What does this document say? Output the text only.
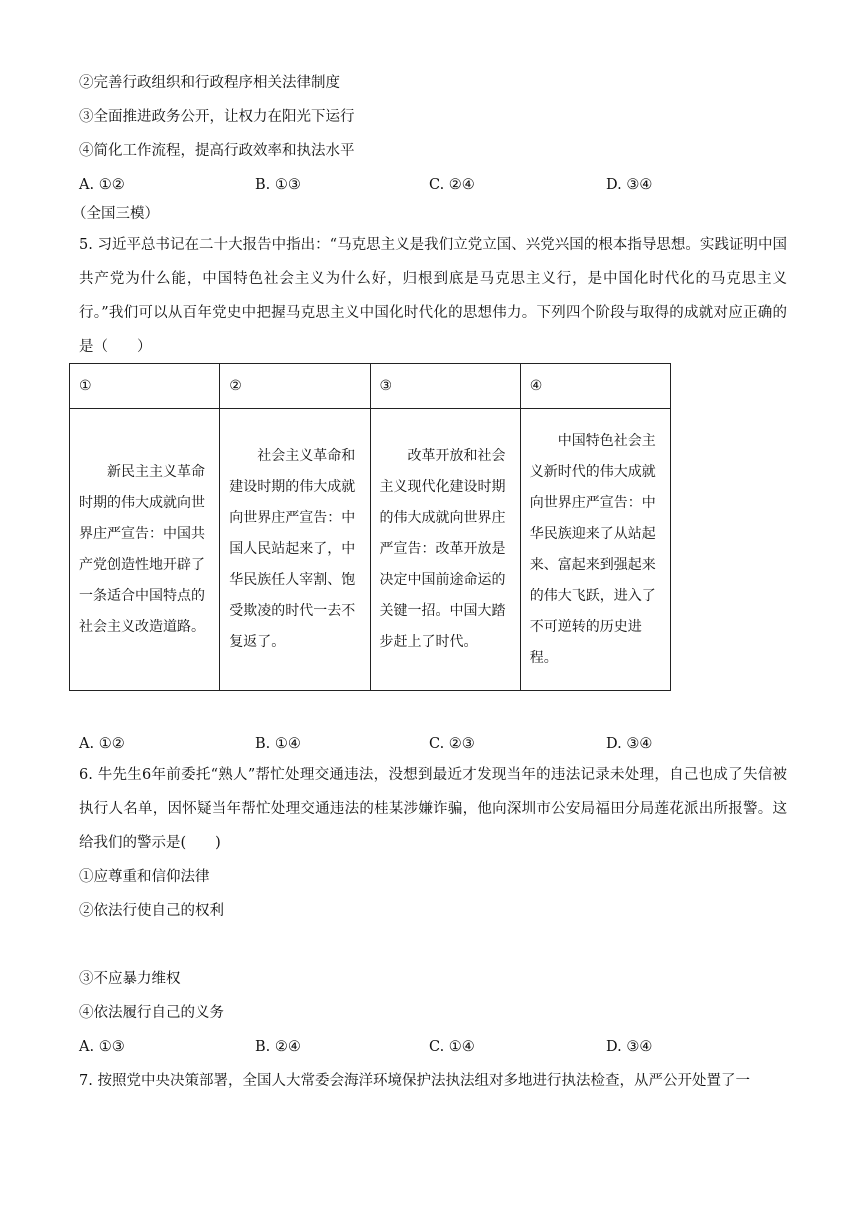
②完善行政组织和行政程序相关法律制度
③全面推进政务公开，让权力在阳光下运行
④简化工作流程，提高行政效率和执法水平
A. ①②	B. ①③	C. ②④	D. ③④
（全国三模）
5. 习近平总书记在二十大报告中指出：“马克思主义是我们立党立国、兴党兴国的根本指导思想。实践证明中国共产党为什么能，中国特色社会主义为什么好，归根到底是马克思主义行，是中国化时代化的马克思主义行。”我们可以从百年党史中把握马克思主义中国化时代化的思想伟力。下列四个阶段与取得的成就对应正确的是（　　）
①	②	③	④

新民主主义革命时期的伟大成就向世界庄严宣告：中国共产党创造性地开辟了一条适合中国特点的社会主义改造道路。	社会主义革命和建设时期的伟大成就向世界庄严宣告：中国人民站起来了，中华民族任人宰割、饱受欺凌的时代一去不复返了。	改革开放和社会主义现代化建设时期的伟大成就向世界庄严宣告：改革开放是决定中国前途命运的关键一招。中国大踏步赶上了时代。	中国特色社会主义新时代的伟大成就向世界庄严宣告：中华民族迎来了从站起来、富起来到强起来的伟大飞跃，进入了不可逆转的历史进程。
A. ①②	B. ①④	C. ②③	D. ③④
6. 牛先生6年前委托“熟人”帮忙处理交通违法，没想到最近才发现当年的违法记录未处理，自己也成了失信被执行人名单，因怀疑当年帮忙处理交通违法的桂某涉嫌诈骗，他向深圳市公安局福田分局莲花派出所报警。这给我们的警示是(　　)
①应尊重和信仰法律
②依法行使自己的权利
③不应暴力维权
④依法履行自己的义务
A. ①③	B. ②④	C. ①④	D. ③④
7. 按照党中央决策部署，全国人大常委会海洋环境保护法执法组对多地进行执法检查，从严公开处置了一
